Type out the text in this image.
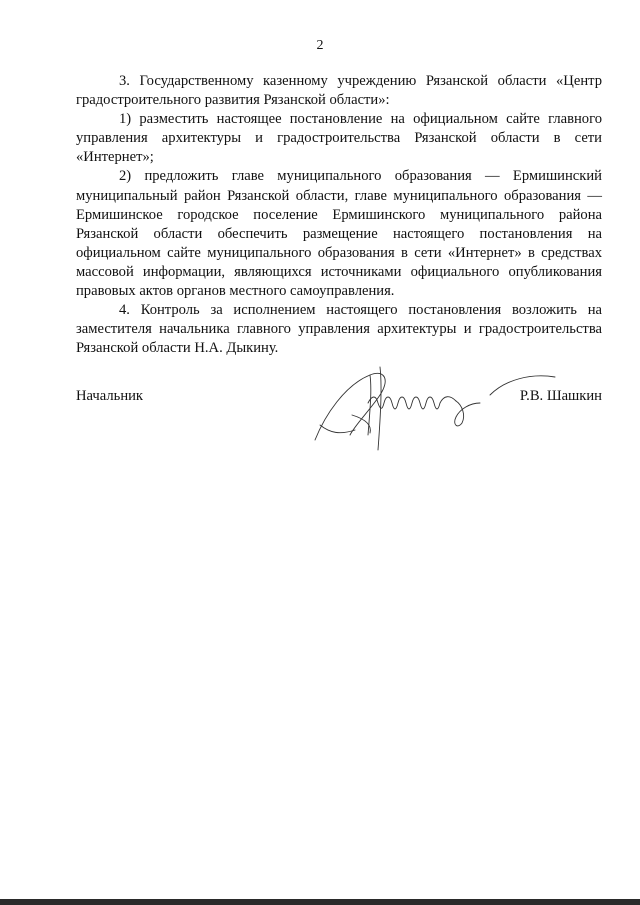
2

3. Государственному казенному учреждению Рязанской области «Центр градостроительного развития Рязанской области»:

1) разместить настоящее постановление на официальном сайте главного управления архитектуры и градостроительства Рязанской области в сети «Интернет»;

2) предложить главе муниципального образования — Ермишинский муниципальный район Рязанской области, главе муниципального образования — Ермишинское городское поселение Ермишинского муниципального района Рязанской области обеспечить размещение настоящего постановления на официальном сайте муниципального образования в сети «Интернет» в средствах массовой информации, являющихся источниками официального опубликования правовых актов органов местного самоуправления.

4. Контроль за исполнением настоящего постановления возложить на заместителя начальника главного управления архитектуры и градостроительства Рязанской области Н.А. Дыкину.

Начальник	Р.В. Шашкин
